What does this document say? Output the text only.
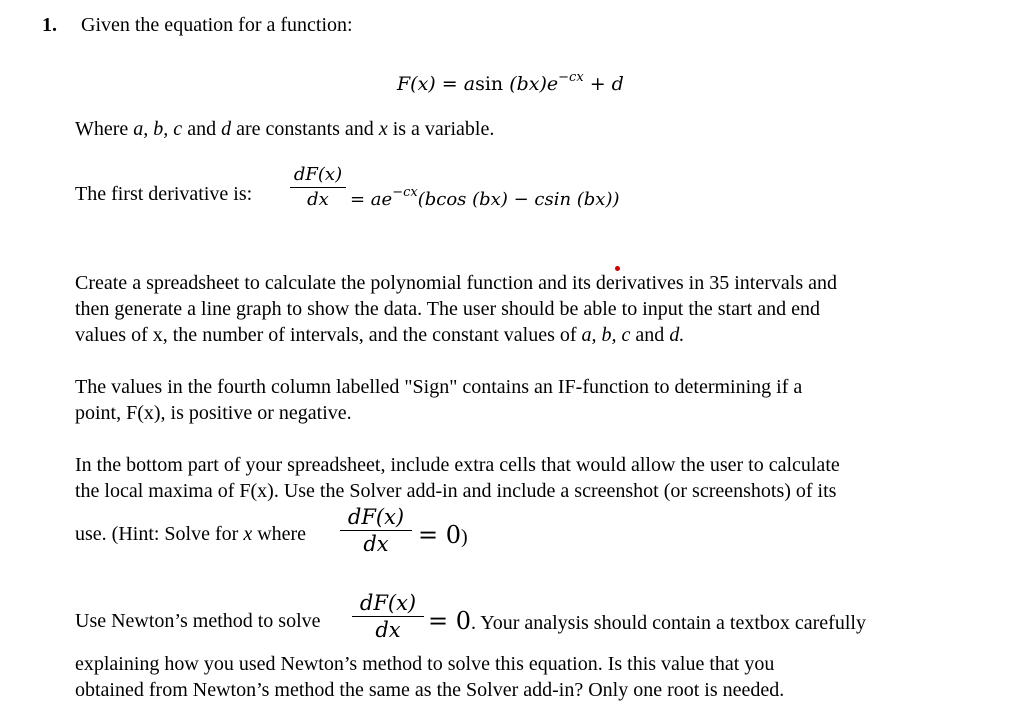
1. Given the equation for a function:
F(x) = asin $(bx)e^{-cx} + d$
Where a, b, c and d are constants and x is a variable.
The first derivative is:
dF(x)
dx	= $ae^{-cx}(bcos$ (bx) − csin (bx))
Create a spreadsheet to calculate the polynomial function and its derivatives in 35 intervals and
then generate a line graph to show the data. The user should be able to input the start and end
values of x, the number of intervals, and the constant values of a, b, c and d.
The values in the fourth column labelled "Sign" contains an IF-function to determining if a
point, F(x), is positive or negative.
In the bottom part of your spreadsheet, include extra cells that would allow the user to calculate
the local maxima of F(x). Use the Solver add-in and include a screenshot (or screenshots) of its
use. (Hint: Solve for x where
dF(x)
dx	= 0)
Use Newton’s method to solve
dF(x)
dx	= 0. Your analysis should contain a textbox carefully
explaining how you used Newton’s method to solve this equation. Is this value that you
obtained from Newton’s method the same as the Solver add-in? Only one root is needed.
